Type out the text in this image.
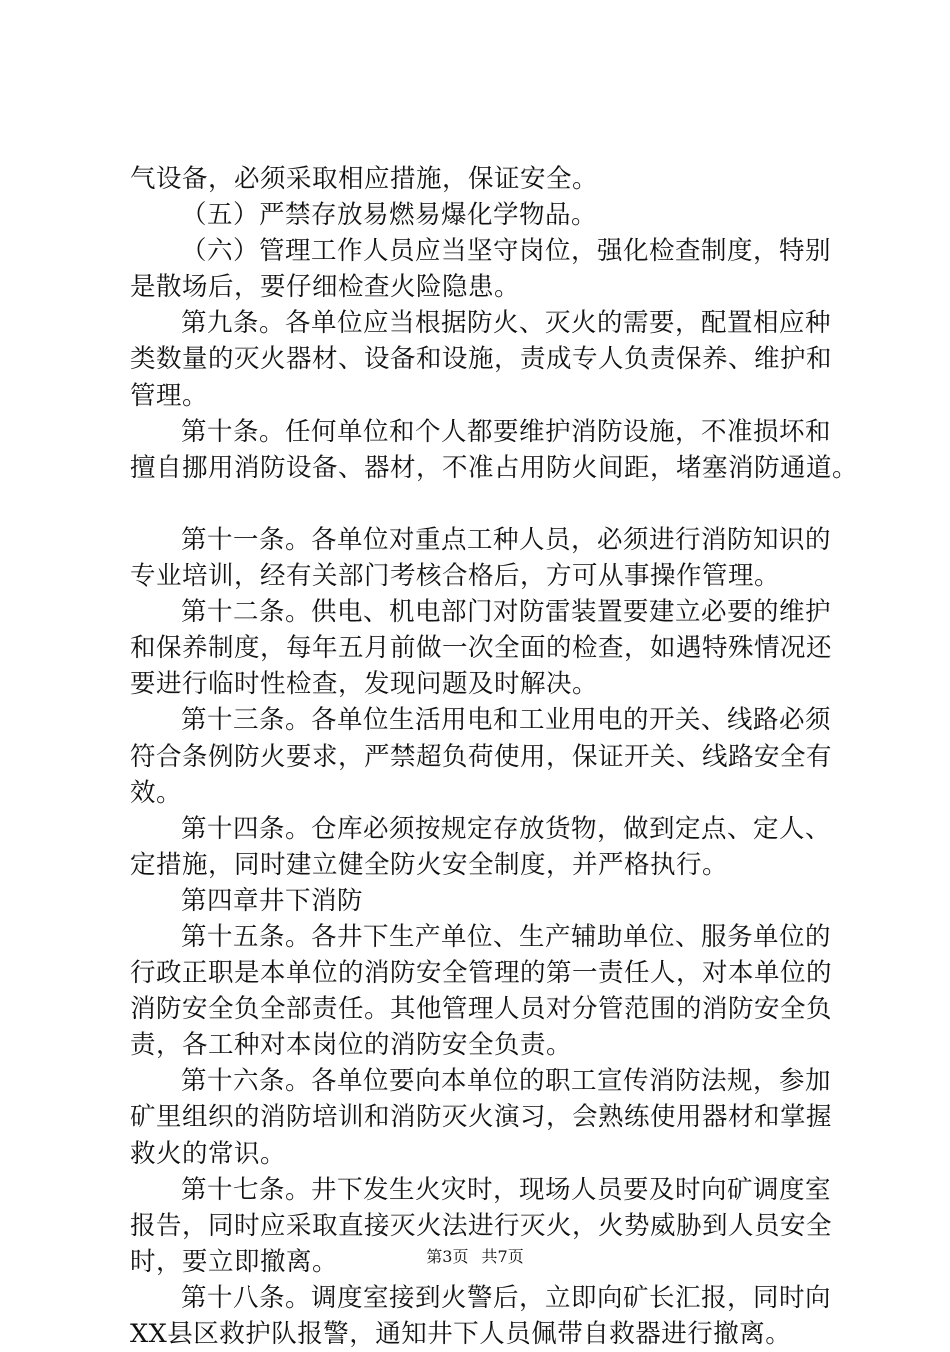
气设备，必须采取相应措施，保证安全。
（五）严禁存放易燃易爆化学物品。
（六）管理工作人员应当坚守岗位，强化检查制度，特别
是散场后，要仔细检查火险隐患。
第九条。各单位应当根据防火、灭火的需要，配置相应种
类数量的灭火器材、设备和设施，责成专人负责保养、维护和
管理。
第十条。任何单位和个人都要维护消防设施，不准损坏和
擅自挪用消防设备、器材，不准占用防火间距，堵塞消防通道。
第十一条。各单位对重点工种人员，必须进行消防知识的
专业培训，经有关部门考核合格后，方可从事操作管理。
第十二条。供电、机电部门对防雷装置要建立必要的维护
和保养制度，每年五月前做一次全面的检查，如遇特殊情况还
要进行临时性检查，发现问题及时解决。
第十三条。各单位生活用电和工业用电的开关、线路必须
符合条例防火要求，严禁超负荷使用，保证开关、线路安全有
效。
第十四条。仓库必须按规定存放货物，做到定点、定人、
定措施，同时建立健全防火安全制度，并严格执行。
第四章井下消防
第十五条。各井下生产单位、生产辅助单位、服务单位的
行政正职是本单位的消防安全管理的第一责任人，对本单位的
消防安全负全部责任。其他管理人员对分管范围的消防安全负
责，各工种对本岗位的消防安全负责。
第十六条。各单位要向本单位的职工宣传消防法规，参加
矿里组织的消防培训和消防灭火演习，会熟练使用器材和掌握
救火的常识。
第十七条。井下发生火灾时，现场人员要及时向矿调度室
报告，同时应采取直接灭火法进行灭火，火势威胁到人员安全
时，要立即撤离。
第十八条。调度室接到火警后，立即向矿长汇报，同时向
XX县区救护队报警，通知井下人员佩带自救器进行撤离。
第3页 共7页
